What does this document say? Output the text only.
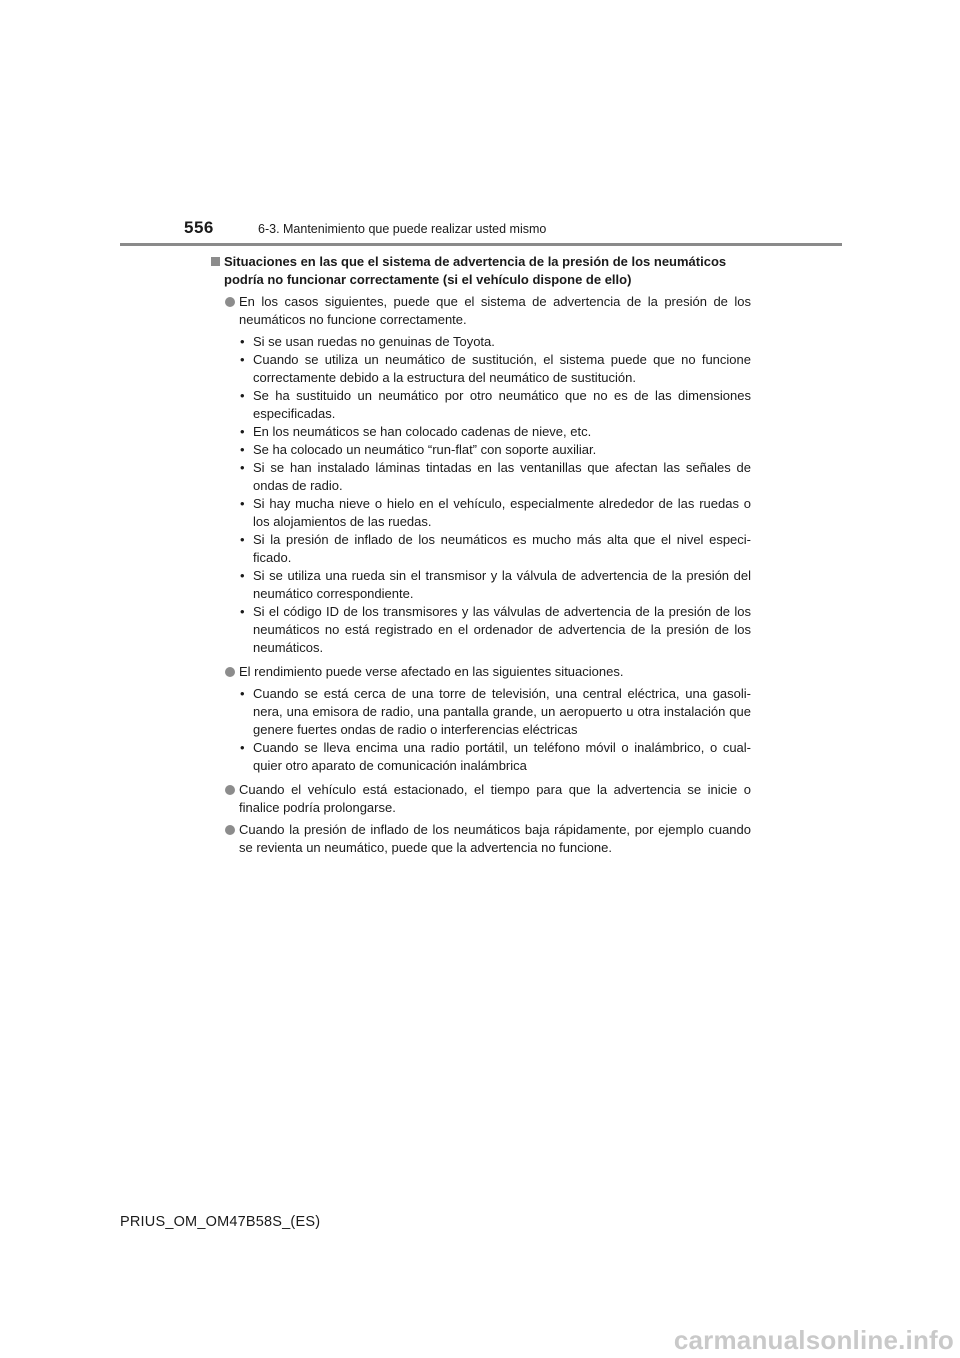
556	6-3. Mantenimiento que puede realizar usted mismo
Situaciones en las que el sistema de advertencia de la presión de los neumáticos podría no funcionar correctamente (si el vehículo dispone de ello)
En los casos siguientes, puede que el sistema de advertencia de la presión de los neumáticos no funcione correctamente.
• Si se usan ruedas no genuinas de Toyota.
• Cuando se utiliza un neumático de sustitución, el sistema puede que no funcione correctamente debido a la estructura del neumático de sustitución.
• Se ha sustituido un neumático por otro neumático que no es de las dimensiones especificadas.
• En los neumáticos se han colocado cadenas de nieve, etc.
• Se ha colocado un neumático “run-flat” con soporte auxiliar.
• Si se han instalado láminas tintadas en las ventanillas que afectan las señales de ondas de radio.
• Si hay mucha nieve o hielo en el vehículo, especialmente alrededor de las ruedas o los alojamientos de las ruedas.
• Si la presión de inflado de los neumáticos es mucho más alta que el nivel especi-ficado.
• Si se utiliza una rueda sin el transmisor y la válvula de advertencia de la presión del neumático correspondiente.
• Si el código ID de los transmisores y las válvulas de advertencia de la presión de los neumáticos no está registrado en el ordenador de advertencia de la presión de los neumáticos.
El rendimiento puede verse afectado en las siguientes situaciones.
• Cuando se está cerca de una torre de televisión, una central eléctrica, una gasoli-nera, una emisora de radio, una pantalla grande, un aeropuerto u otra instalación que genere fuertes ondas de radio o interferencias eléctricas
• Cuando se lleva encima una radio portátil, un teléfono móvil o inalámbrico, o cual-quier otro aparato de comunicación inalámbrica
Cuando el vehículo está estacionado, el tiempo para que la advertencia se inicie o finalice podría prolongarse.
Cuando la presión de inflado de los neumáticos baja rápidamente, por ejemplo cuando se revienta un neumático, puede que la advertencia no funcione.
PRIUS_OM_OM47B58S_(ES)
carmanualsonline.info
